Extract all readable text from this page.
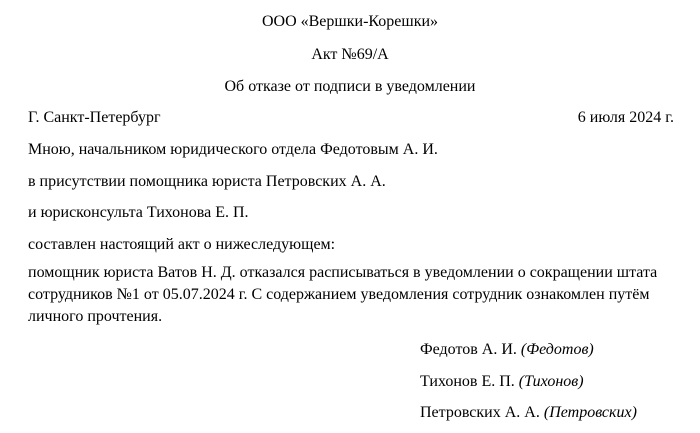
ООО «Вершки-Корешки»
Акт №69/А
Об отказе от подписи в уведомлении
Г. Санкт-Петербург	6 июля 2024 г.
Мною, начальником юридического отдела Федотовым А. И.
в присутствии помощника юриста Петровских А. А.
и юрисконсульта Тихонова Е. П.
составлен настоящий акт о нижеследующем:
помощник юриста Ватов Н. Д. отказался расписываться в уведомлении о сокращении штата сотрудников №1 от 05.07.2024 г. С содержанием уведомления сотрудник ознакомлен путём личного прочтения.
Федотов А. И. (Федотов)
Тихонов Е. П. (Тихонов)
Петровских А. А. (Петровских)
